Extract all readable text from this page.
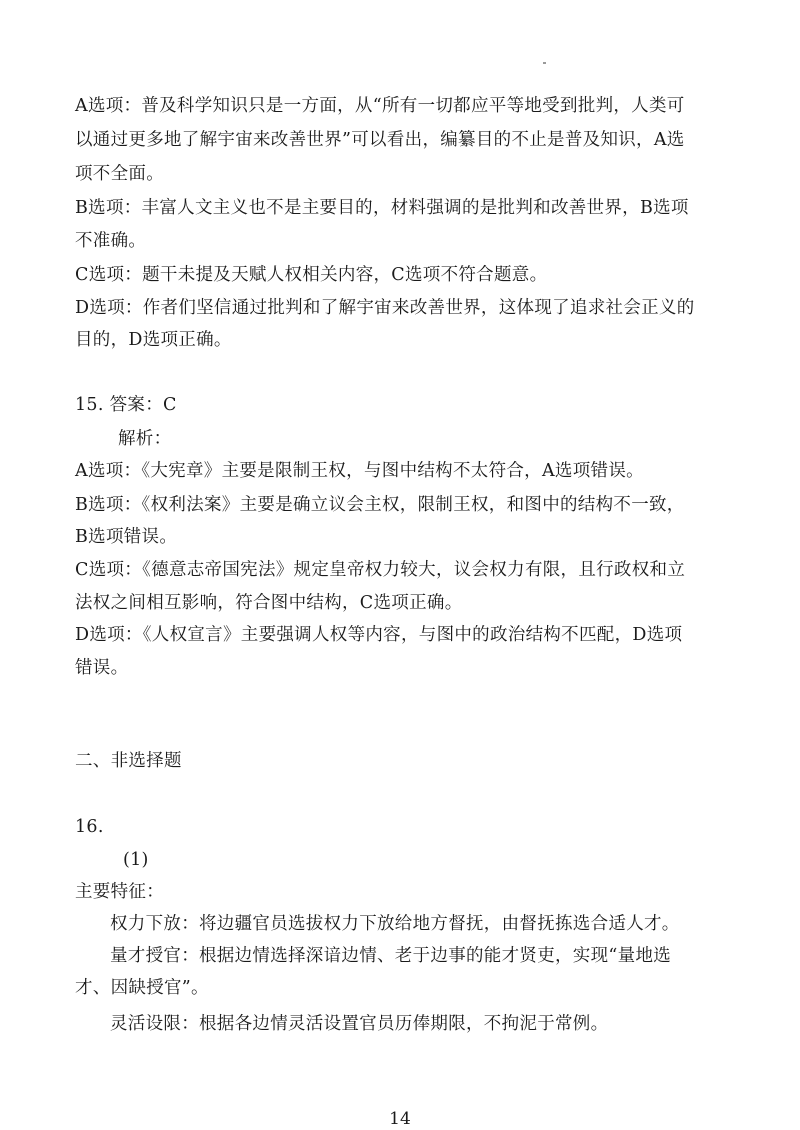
A选项：普及科学知识只是一方面，从“所有一切都应平等地受到批判，人类可
以通过更多地了解宇宙来改善世界”可以看出，编纂目的不止是普及知识，A选
项不全面。
B选项：丰富人文主义也不是主要目的，材料强调的是批判和改善世界，B选项
不准确。
C选项：题干未提及天赋人权相关内容，C选项不符合题意。
D选项：作者们坚信通过批判和了解宇宙来改善世界，这体现了追求社会正义的
目的，D选项正确。
15. 答案：C
解析：
A选项：《大宪章》主要是限制王权，与图中结构不太符合，A选项错误。
B选项：《权利法案》主要是确立议会主权，限制王权，和图中的结构不一致，
B选项错误。
C选项：《德意志帝国宪法》规定皇帝权力较大，议会权力有限，且行政权和立
法权之间相互影响，符合图中结构，C选项正确。
D选项：《人权宣言》主要强调人权等内容，与图中的政治结构不匹配，D选项
错误。
二、非选择题
16.
(1)
主要特征：
权力下放：将边疆官员选拔权力下放给地方督抚，由督抚拣选合适人才。
量才授官：根据边情选择深谙边情、老于边事的能才贤吏，实现“量地选
才、因缺授官”。
灵活设限：根据各边情灵活设置官员历俸期限，不拘泥于常例。
14
